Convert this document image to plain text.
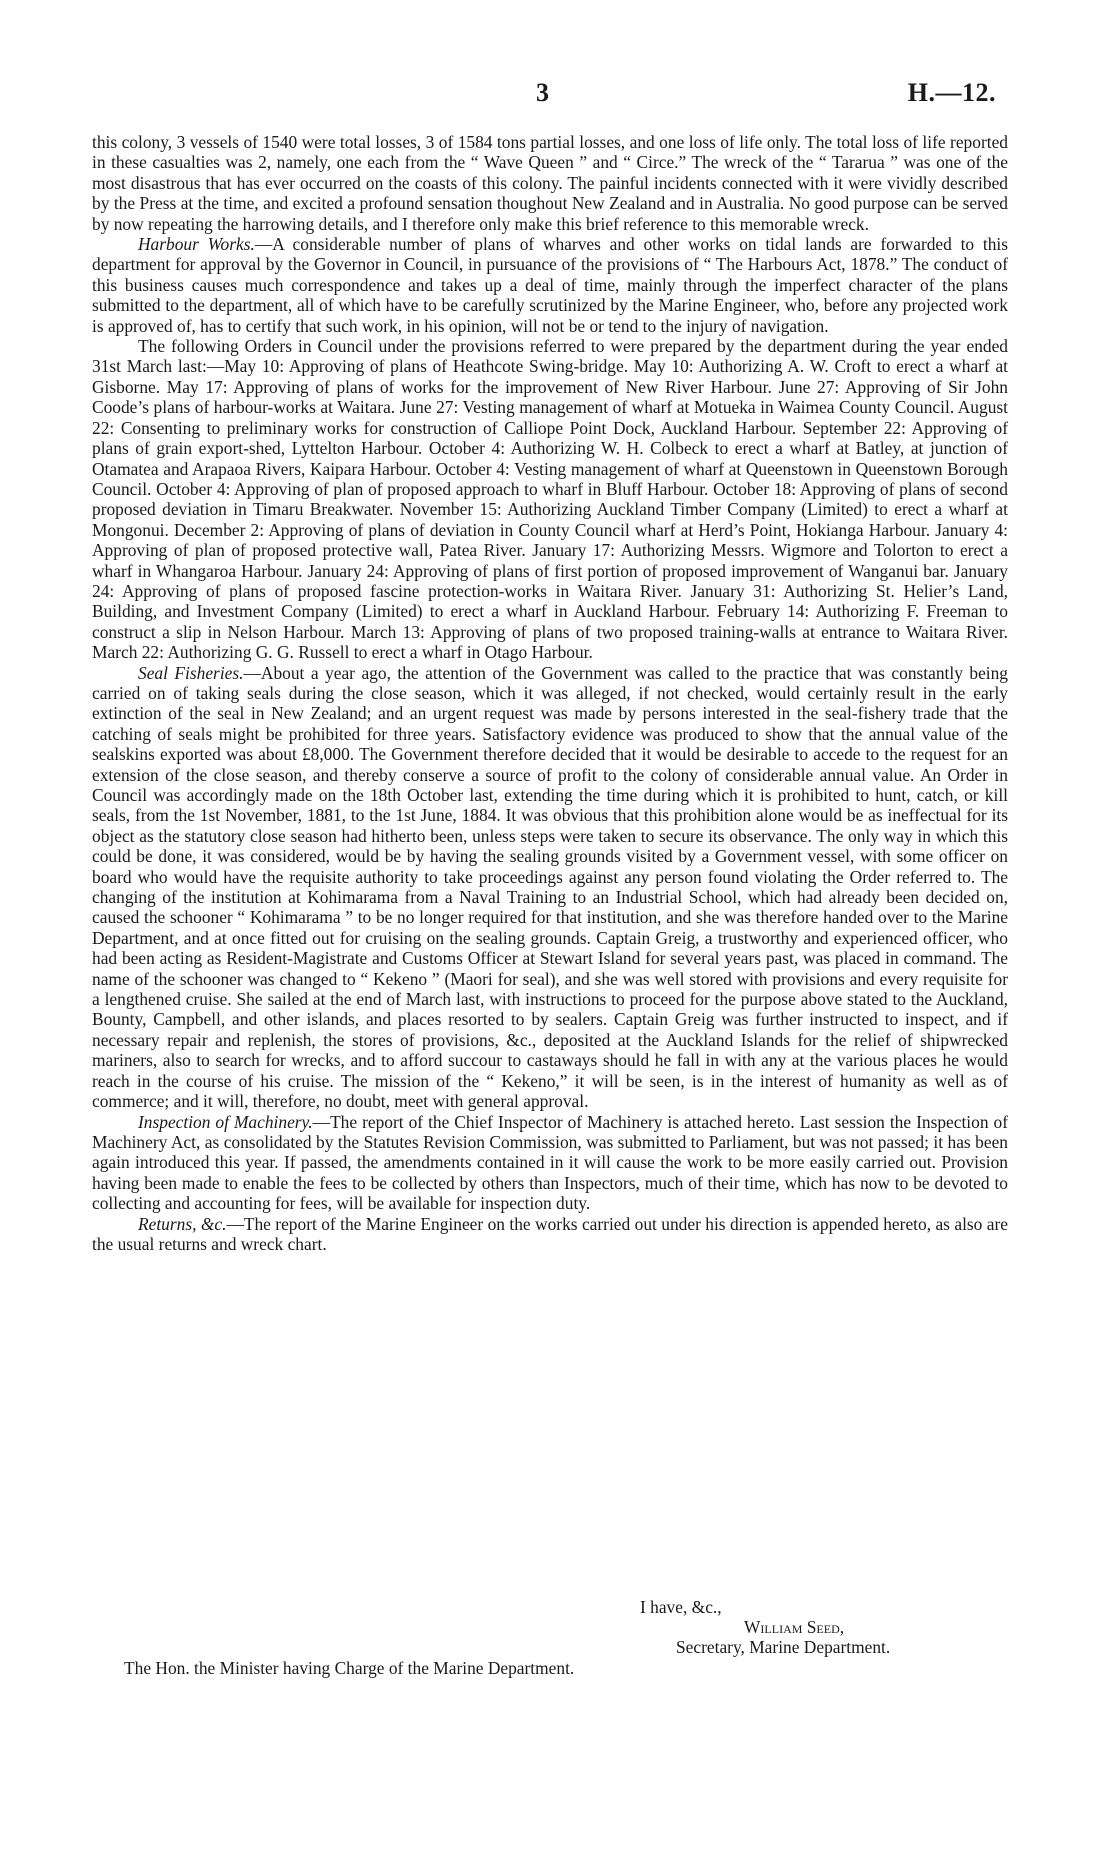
3	H.—12.

this colony, 3 vessels of 1540 were total losses, 3 of 1584 tons partial losses, and one loss of life only. The total loss of life reported in these casualties was 2, namely, one each from the “ Wave Queen ” and “ Circe.” The wreck of the “ Tararua ” was one of the most disastrous that has ever occurred on the coasts of this colony. The painful incidents connected with it were vividly described by the Press at the time, and excited a profound sensation thoughout New Zealand and in Australia. No good purpose can be served by now repeating the harrowing details, and I therefore only make this brief reference to this memorable wreck.

Harbour Works.—A considerable number of plans of wharves and other works on tidal lands are forwarded to this department for approval by the Governor in Council, in pursuance of the provisions of “ The Harbours Act, 1878.” The conduct of this business causes much correspondence and takes up a deal of time, mainly through the imperfect character of the plans submitted to the department, all of which have to be carefully scrutinized by the Marine Engineer, who, before any projected work is approved of, has to certify that such work, in his opinion, will not be or tend to the injury of navigation.

The following Orders in Council under the provisions referred to were prepared by the department during the year ended 31st March last:—May 10: Approving of plans of Heathcote Swing-bridge. May 10: Authorizing A. W. Croft to erect a wharf at Gisborne. May 17: Approving of plans of works for the improvement of New River Harbour. June 27: Approving of Sir John Coode’s plans of harbour-works at Waitara. June 27: Vesting management of wharf at Motueka in Waimea County Council. August 22: Consenting to preliminary works for construction of Calliope Point Dock, Auckland Harbour. September 22: Approving of plans of grain export-shed, Lyttelton Harbour. October 4: Authorizing W. H. Colbeck to erect a wharf at Batley, at junction of Otamatea and Arapaoa Rivers, Kaipara Harbour. October 4: Vesting management of wharf at Queenstown in Queenstown Borough Council. October 4: Approving of plan of proposed approach to wharf in Bluff Harbour. October 18: Approving of plans of second proposed deviation in Timaru Breakwater. November 15: Authorizing Auckland Timber Company (Limited) to erect a wharf at Mongonui. December 2: Approving of plans of deviation in County Council wharf at Herd’s Point, Hokianga Harbour. January 4: Approving of plan of proposed protective wall, Patea River. January 17: Authorizing Messrs. Wigmore and Tolorton to erect a wharf in Whangaroa Harbour. January 24: Approving of plans of first portion of proposed improvement of Wanganui bar. January 24: Approving of plans of proposed fascine protection-works in Waitara River. January 31: Authorizing St. Helier’s Land, Building, and Investment Company (Limited) to erect a wharf in Auckland Harbour. February 14: Authorizing F. Freeman to construct a slip in Nelson Harbour. March 13: Approving of plans of two proposed training-walls at entrance to Waitara River. March 22: Authorizing G. G. Russell to erect a wharf in Otago Harbour.

Seal Fisheries.—About a year ago, the attention of the Government was called to the practice that was constantly being carried on of taking seals during the close season, which it was alleged, if not checked, would certainly result in the early extinction of the seal in New Zealand; and an urgent request was made by persons interested in the seal-fishery trade that the catching of seals might be prohibited for three years. Satisfactory evidence was produced to show that the annual value of the sealskins exported was about £8,000. The Government therefore decided that it would be desirable to accede to the request for an extension of the close season, and thereby conserve a source of profit to the colony of considerable annual value. An Order in Council was accordingly made on the 18th October last, extending the time during which it is prohibited to hunt, catch, or kill seals, from the 1st November, 1881, to the 1st June, 1884. It was obvious that this prohibition alone would be as ineffectual for its object as the statutory close season had hitherto been, unless steps were taken to secure its observance. The only way in which this could be done, it was considered, would be by having the sealing grounds visited by a Government vessel, with some officer on board who would have the requisite authority to take proceedings against any person found violating the Order referred to. The changing of the institution at Kohimarama from a Naval Training to an Industrial School, which had already been decided on, caused the schooner “ Kohimarama ” to be no longer required for that institution, and she was therefore handed over to the Marine Department, and at once fitted out for cruising on the sealing grounds. Captain Greig, a trustworthy and experienced officer, who had been acting as Resident-Magistrate and Customs Officer at Stewart Island for several years past, was placed in command. The name of the schooner was changed to “ Kekeno ” (Maori for seal), and she was well stored with provisions and every requisite for a lengthened cruise. She sailed at the end of March last, with instructions to proceed for the purpose above stated to the Auckland, Bounty, Campbell, and other islands, and places resorted to by sealers. Captain Greig was further instructed to inspect, and if necessary repair and replenish, the stores of provisions, &c., deposited at the Auckland Islands for the relief of shipwrecked mariners, also to search for wrecks, and to afford succour to castaways should he fall in with any at the various places he would reach in the course of his cruise. The mission of the “ Kekeno,” it will be seen, is in the interest of humanity as well as of commerce; and it will, therefore, no doubt, meet with general approval.

Inspection of Machinery.—The report of the Chief Inspector of Machinery is attached hereto. Last session the Inspection of Machinery Act, as consolidated by the Statutes Revision Commission, was submitted to Parliament, but was not passed; it has been again introduced this year. If passed, the amendments contained in it will cause the work to be more easily carried out. Provision having been made to enable the fees to be collected by others than Inspectors, much of their time, which has now to be devoted to collecting and accounting for fees, will be available for inspection duty.

Returns, &c.—The report of the Marine Engineer on the works carried out under his direction is appended hereto, as also are the usual returns and wreck chart.

I have, &c.,
William Seed,
Secretary, Marine Department.
The Hon. the Minister having Charge of the Marine Department.
